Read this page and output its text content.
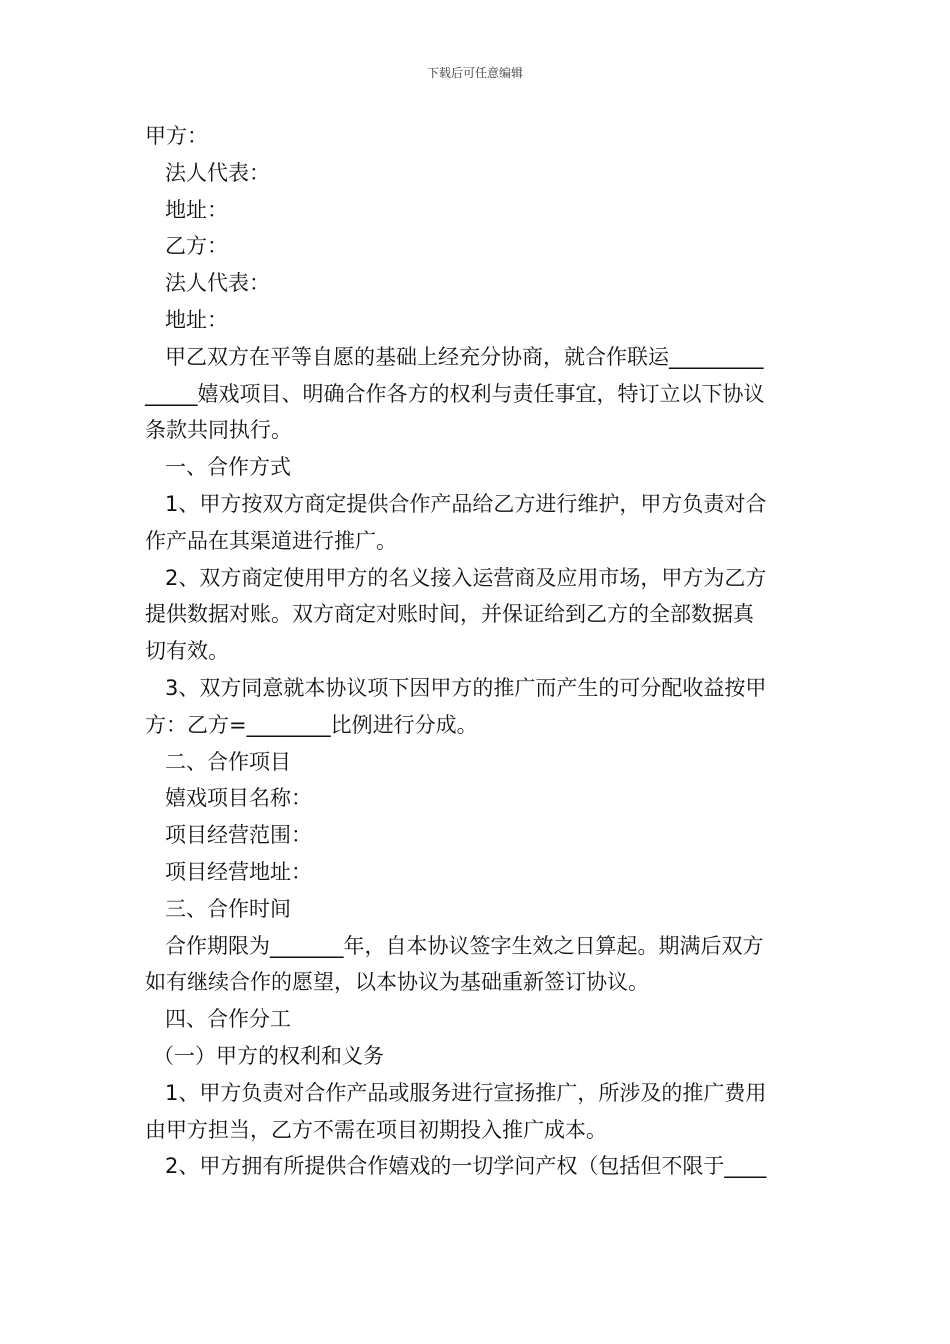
下载后可任意编辑
甲方：
法人代表：
地址：
乙方：
法人代表：
地址：
甲乙双方在平等自愿的基础上经充分协商，就合作联运_________
_____嬉戏项目、明确合作各方的权利与责任事宜，特订立以下协议
条款共同执行。
一、合作方式
1、甲方按双方商定提供合作产品给乙方进行维护，甲方负责对合
作产品在其渠道进行推广。
2、双方商定使用甲方的名义接入运营商及应用市场，甲方为乙方
提供数据对账。双方商定对账时间，并保证给到乙方的全部数据真
切有效。
3、双方同意就本协议项下因甲方的推广而产生的可分配收益按甲
方：乙方=________比例进行分成。
二、合作项目
嬉戏项目名称：
项目经营范围：
项目经营地址：
三、合作时间
合作期限为_______年，自本协议签字生效之日算起。期满后双方
如有继续合作的愿望，以本协议为基础重新签订协议。
四、合作分工
（一）甲方的权利和义务
1、甲方负责对合作产品或服务进行宣扬推广，所涉及的推广费用
由甲方担当，乙方不需在项目初期投入推广成本。
2、甲方拥有所提供合作嬉戏的一切学问产权（包括但不限于____
